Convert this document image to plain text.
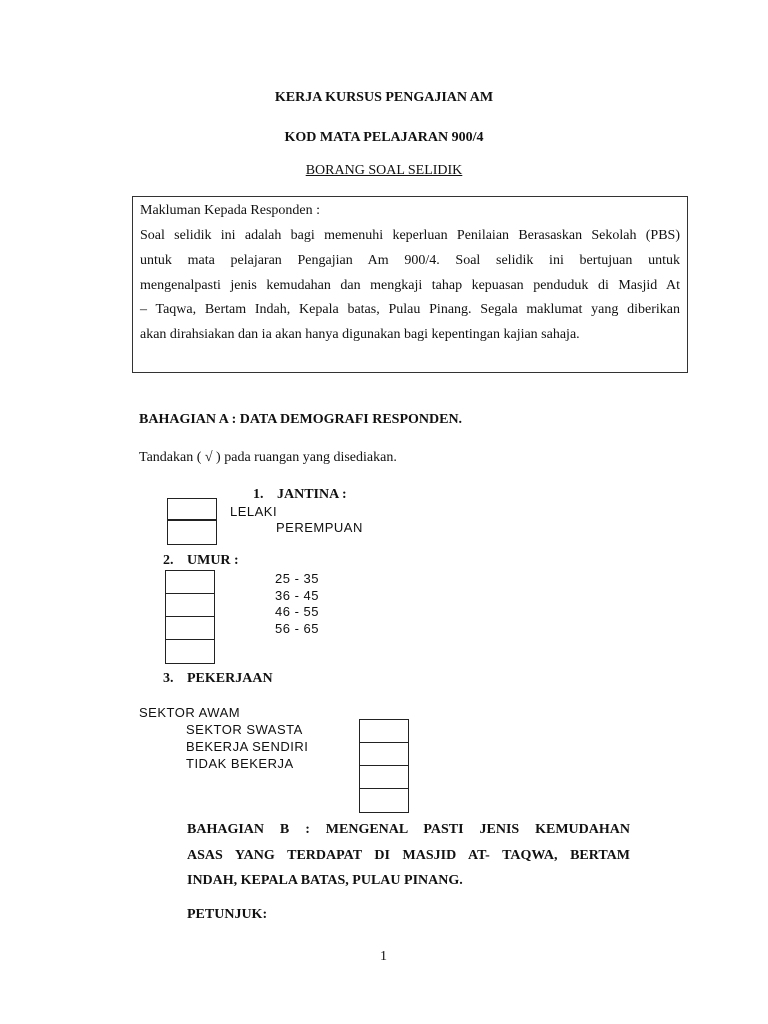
KERJA KURSUS PENGAJIAN AM
KOD MATA PELAJARAN 900/4
BORANG SOAL SELIDIK
Makluman Kepada Responden :
Soal selidik ini adalah bagi memenuhi keperluan Penilaian Berasaskan Sekolah (PBS)
untuk mata pelajaran Pengajian Am 900/4. Soal selidik ini bertujuan untuk
mengenalpasti jenis kemudahan dan mengkaji tahap kepuasan penduduk di Masjid At
– Taqwa, Bertam Indah, Kepala batas, Pulau Pinang. Segala maklumat yang diberikan
akan dirahsiakan dan ia akan hanya digunakan bagi kepentingan kajian sahaja.
BAHAGIAN A : DATA DEMOGRAFI RESPONDEN.
Tandakan ( √ ) pada ruangan yang disediakan.
1. JANTINA :
LELAKI
PEREMPUAN
2. UMUR :
25 - 35
36 - 45
46 - 55
56 - 65
3. PEKERJAAN
SEKTOR AWAM
SEKTOR SWASTA
BEKERJA SENDIRI
TIDAK BEKERJA
BAHAGIAN B : MENGENAL PASTI JENIS KEMUDAHAN
ASAS YANG TERDAPAT DI MASJID AT- TAQWA, BERTAM
INDAH, KEPALA BATAS, PULAU PINANG.
PETUNJUK:
1
